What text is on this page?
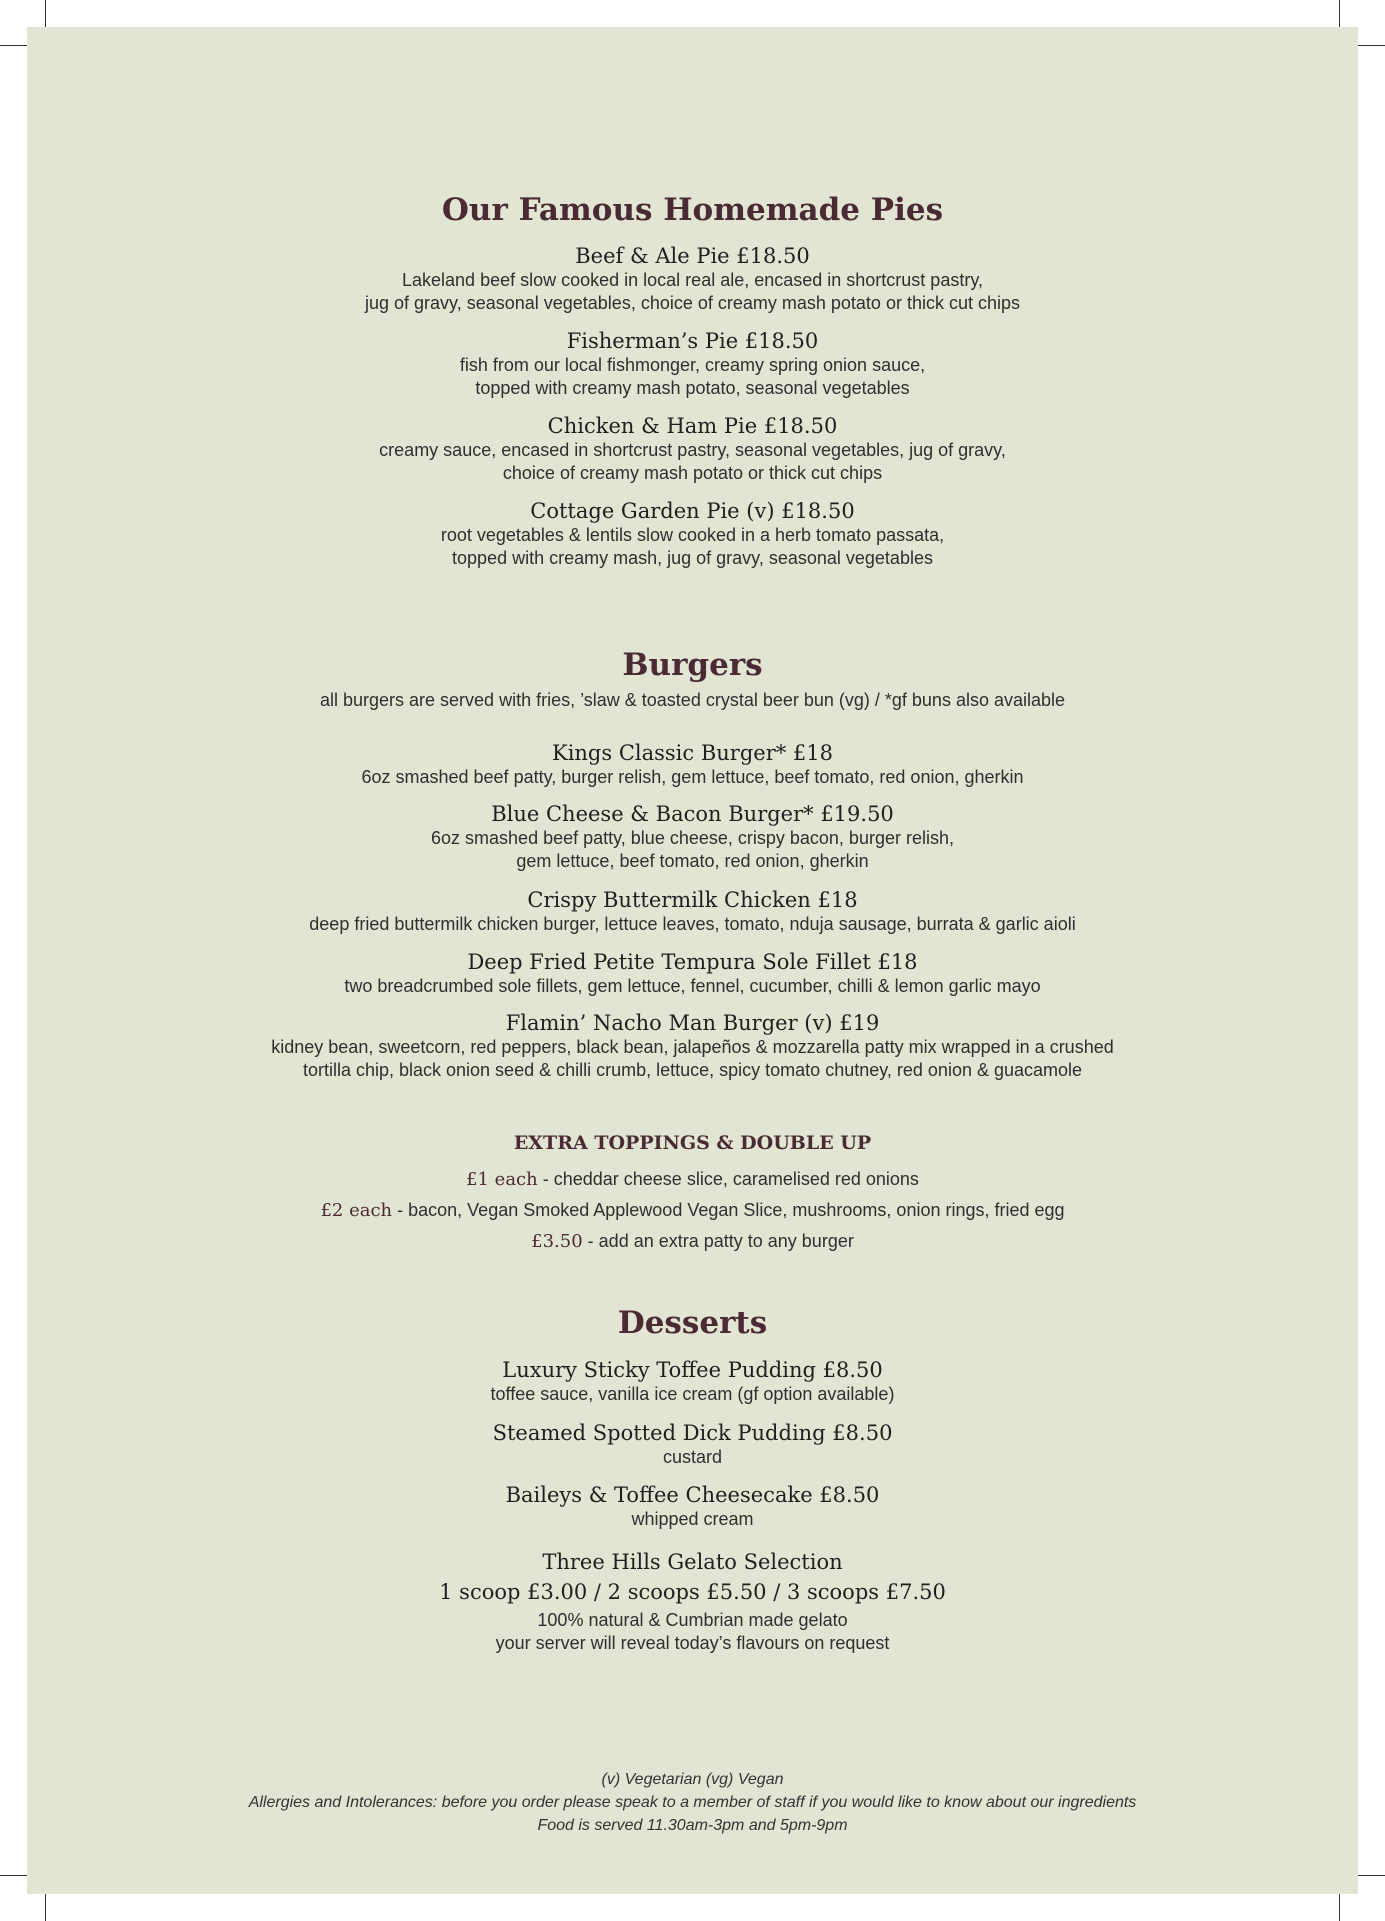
Our Famous Homemade Pies

Beef & Ale Pie £18.50

Lakeland beef slow cooked in local real ale, encased in shortcrust pastry,

jug of gravy, seasonal vegetables, choice of creamy mash potato or thick cut chips

Fisherman’s Pie £18.50

fish from our local fishmonger, creamy spring onion sauce,

topped with creamy mash potato, seasonal vegetables

Chicken & Ham Pie £18.50

creamy sauce, encased in shortcrust pastry, seasonal vegetables, jug of gravy,

choice of creamy mash potato or thick cut chips

Cottage Garden Pie (v) £18.50

root vegetables & lentils slow cooked in a herb tomato passata,

topped with creamy mash, jug of gravy, seasonal vegetables

Burgers

all burgers are served with fries, ’slaw & toasted crystal beer bun (vg) / *gf buns also available

Kings Classic Burger* £18

6oz smashed beef patty, burger relish, gem lettuce, beef tomato, red onion, gherkin

Blue Cheese & Bacon Burger* £19.50

6oz smashed beef patty, blue cheese, crispy bacon, burger relish,

gem lettuce, beef tomato, red onion, gherkin

Crispy Buttermilk Chicken £18

deep fried buttermilk chicken burger, lettuce leaves, tomato, nduja sausage, burrata & garlic aioli

Deep Fried Petite Tempura Sole Fillet £18

two breadcrumbed sole fillets, gem lettuce, fennel, cucumber, chilli & lemon garlic mayo

Flamin’ Nacho Man Burger (v) £19

kidney bean, sweetcorn, red peppers, black bean, jalapeños & mozzarella patty mix wrapped in a crushed

tortilla chip, black onion seed & chilli crumb, lettuce, spicy tomato chutney, red onion & guacamole

EXTRA TOPPINGS & DOUBLE UP

£1 each - cheddar cheese slice, caramelised red onions

£2 each - bacon, Vegan Smoked Applewood Vegan Slice, mushrooms, onion rings, fried egg

£3.50 - add an extra patty to any burger

Desserts

Luxury Sticky Toffee Pudding £8.50

toffee sauce, vanilla ice cream (gf option available)

Steamed Spotted Dick Pudding £8.50

custard

Baileys & Toffee Cheesecake £8.50

whipped cream

Three Hills Gelato Selection

1 scoop £3.00 / 2 scoops £5.50 / 3 scoops £7.50

100% natural & Cumbrian made gelato

your server will reveal today’s flavours on request

(v) Vegetarian (vg) Vegan
Allergies and Intolerances: before you order please speak to a member of staff if you would like to know about our ingredients
Food is served 11.30am-3pm and 5pm-9pm
